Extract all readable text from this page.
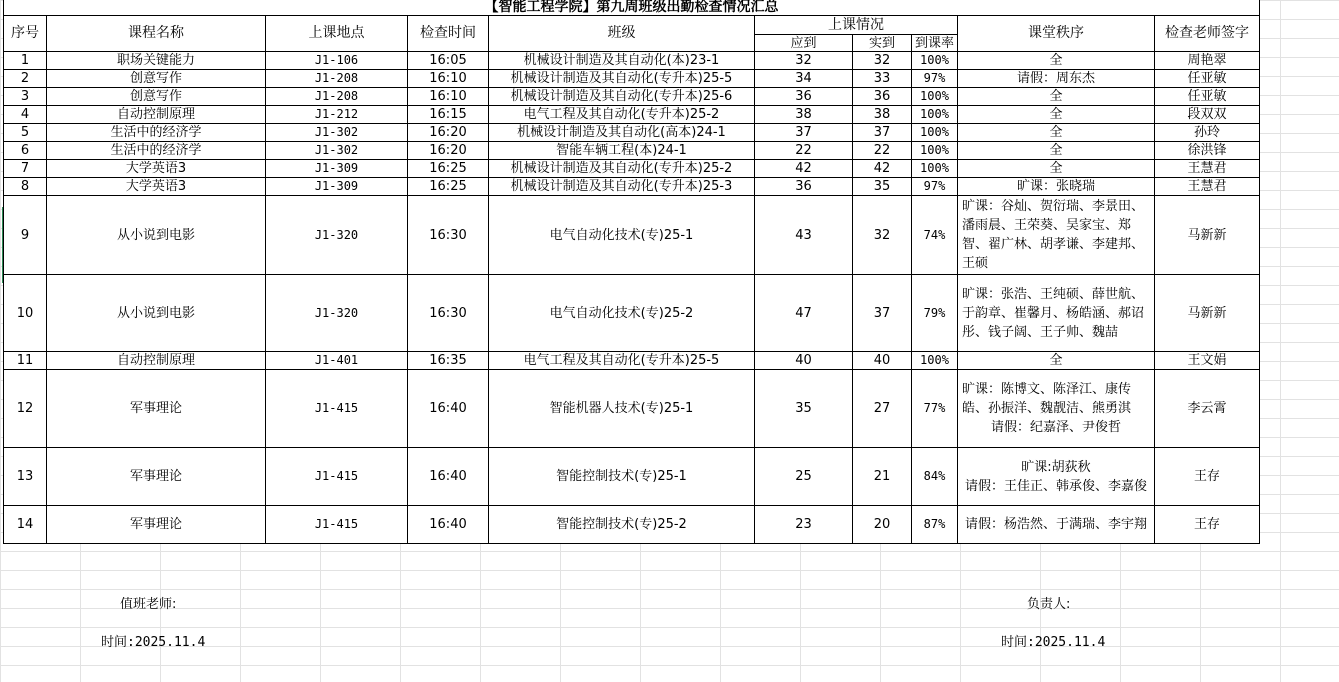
【智能工程学院】第九周班级出勤检查情况汇总									
序号	课程名称	上课地点	检查时间	班级	上课情况			课堂秩序	检查老师签字
					应到	实到	到课率		
1	职场关键能力	J1-106	16:05	机械设计制造及其自动化(本)23-1	32	32	100%	全	周艳翠
2	创意写作	J1-208	16:10	机械设计制造及其自动化(专升本)25-5	34	33	97%	请假：周东杰	任亚敏
3	创意写作	J1-208	16:10	机械设计制造及其自动化(专升本)25-6	36	36	100%	全	任亚敏
4	自动控制原理	J1-212	16:15	电气工程及其自动化(专升本)25-2	38	38	100%	全	段双双
5	生活中的经济学	J1-302	16:20	机械设计制造及其自动化(高本)24-1	37	37	100%	全	孙玲
6	生活中的经济学	J1-302	16:20	智能车辆工程(本)24-1	22	22	100%	全	徐洪锋
7	大学英语3	J1-309	16:25	机械设计制造及其自动化(专升本)25-2	42	42	100%	全	王慧君
8	大学英语3	J1-309	16:25	机械设计制造及其自动化(专升本)25-3	36	35	97%	旷课：张晓瑞	王慧君
9	从小说到电影	J1-320	16:30	电气自动化技术(专)25-1	43	32	74%	旷课：谷灿、贺衍瑞、李景田、潘雨晨、王荣葵、吴家宝、郑智、翟广林、胡孝谦、李建邦、王硕	马新新
10	从小说到电影	J1-320	16:30	电气自动化技术(专)25-2	47	37	79%	旷课：张浩、王纯硕、薛世航、于韵章、崔馨月、杨皓涵、郝诏彤、钱子阔、王子帅、魏喆	马新新
11	自动控制原理	J1-401	16:35	电气工程及其自动化(专升本)25-5	40	40	100%	全	王文娟
12	军事理论	J1-415	16:40	智能机器人技术(专)25-1	35	27	77%	旷课：陈博文、陈泽江、康传皓、孙振洋、魏靓洁、熊勇淇
请假：纪嘉泽、尹俊哲	李云霄
13	军事理论	J1-415	16:40	智能控制技术(专)25-1	25	21	84%	旷课:胡荻秋
请假：王佳正、韩承俊、李嘉俊	王存
14	军事理论	J1-415	16:40	智能控制技术(专)25-2	23	20	87%	请假：杨浩然、于满瑞、李宇翔	王存
值班老师:	负责人:
时间:2025.11.4	时间:2025.11.4
